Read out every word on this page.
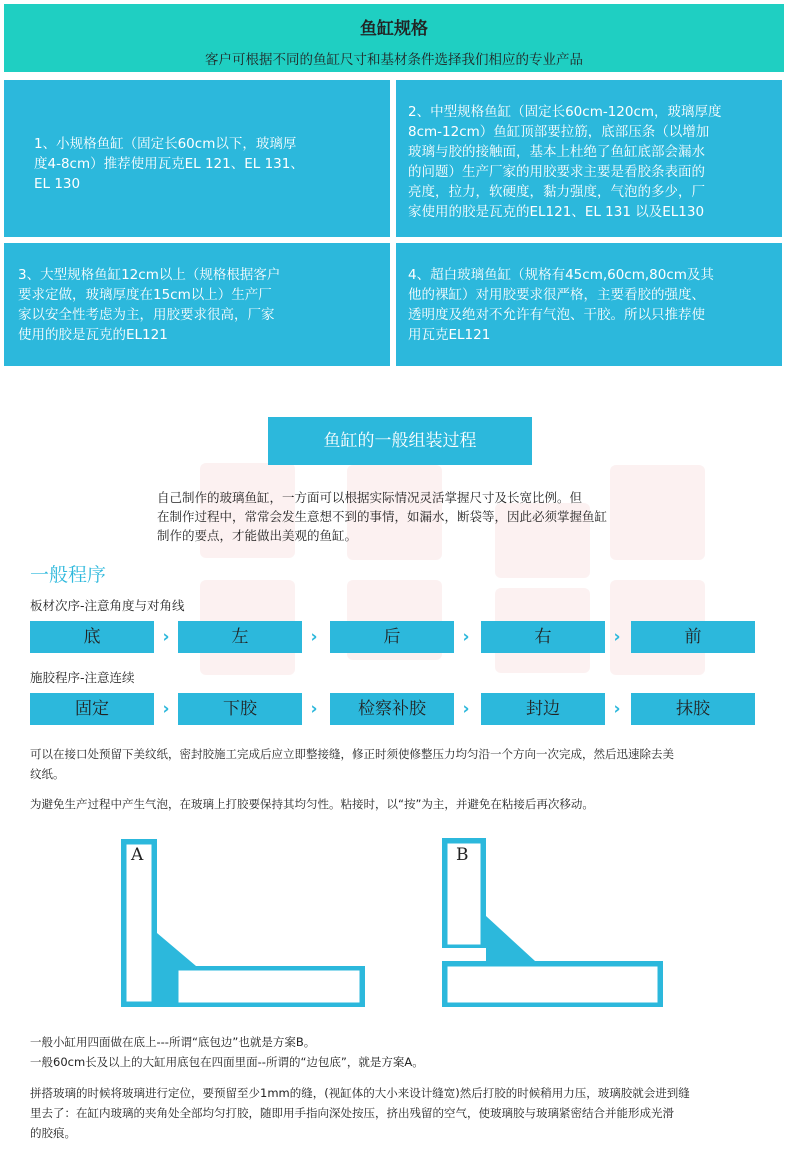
鱼缸规格
客户可根据不同的鱼缸尺寸和基材条件选择我们相应的专业产品
1、小规格鱼缸（固定长60cm以下，玻璃厚
度4-8cm）推荐使用瓦克EL 121、EL 131、
EL 130
2、中型规格鱼缸（固定长60cm-120cm，玻璃厚度
8cm-12cm）鱼缸顶部要拉筋，底部压条（以增加
玻璃与胶的接触面，基本上杜绝了鱼缸底部会漏水
的问题）生产厂家的用胶要求主要是看胶条表面的
亮度，拉力，软硬度，黏力强度，气泡的多少，厂
家使用的胶是瓦克的EL121、EL 131 以及EL130
3、大型规格鱼缸12cm以上（规格根据客户
要求定做，玻璃厚度在15cm以上）生产厂
家以安全性考虑为主，用胶要求很高，厂家
使用的胶是瓦克的EL121
4、超白玻璃鱼缸（规格有45cm,60cm,80cm及其
他的裸缸）对用胶要求很严格，主要看胶的强度、
透明度及绝对不允许有气泡、干胶。所以只推荐使
用瓦克EL121
鱼缸的一般组装过程
自己制作的玻璃鱼缸，一方面可以根据实际情况灵活掌握尺寸及长宽比例。但
在制作过程中，常常会发生意想不到的事情，如漏水，断袋等，因此必须掌握鱼缸
制作的要点，才能做出美观的鱼缸。
一般程序
板材次序-注意角度与对角线
底	›	左	›	后	›	右	›	前
施胶程序-注意连续
固定	›	下胶	›	检察补胶	›	封边	›	抹胶
可以在接口处预留下美纹纸，密封胶施工完成后应立即整接缝，修正时须使修整压力均匀沿一个方向一次完成，然后迅速除去美
纹纸。
为避免生产过程中产生气泡，在玻璃上打胶要保持其均匀性。粘接时，以“按”为主，并避免在粘接后再次移动。
A	B
一般小缸用四面做在底上---所谓“底包边”也就是方案B。
一般60cm长及以上的大缸用底包在四面里面--所谓的“边包底”，就是方案A。
拼搭玻璃的时候将玻璃进行定位，要预留至少1mm的缝，(视缸体的大小来设计缝宽)然后打胶的时候稍用力压，玻璃胶就会进到缝
里去了：在缸内玻璃的夹角处全部均匀打胶，随即用手指向深处按压，挤出残留的空气，使玻璃胶与玻璃紧密结合并能形成光滑
的胶痕。
